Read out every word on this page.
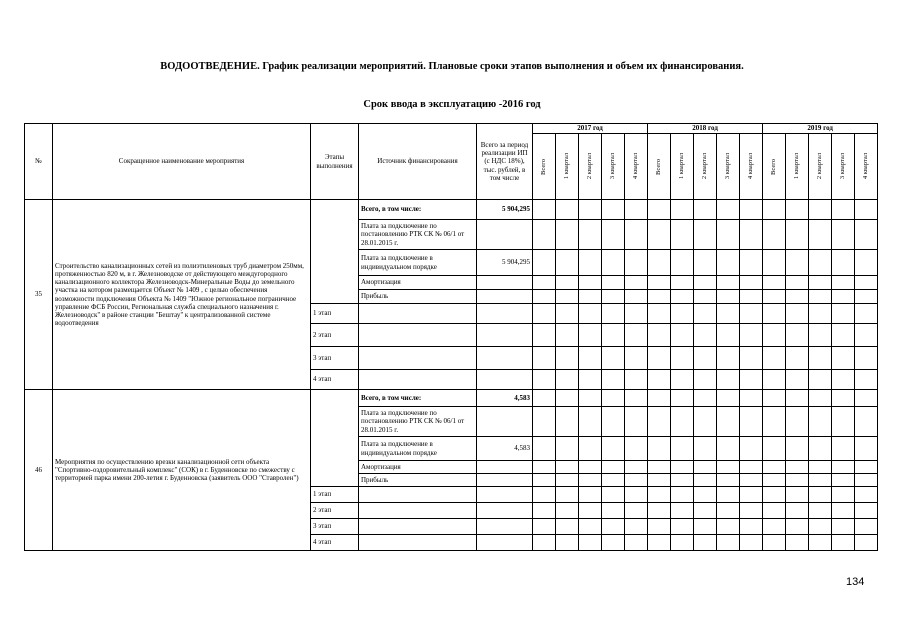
ВОДООТВЕДЕНИЕ. График реализации мероприятий. Плановые сроки этапов выполнения и объем их финансирования.
Срок ввода в эксплуатацию -2016 год
№	Сокращенное наименование мероприятия	Этапы выполнения	Источник финансирования	Всего за период реализации ИП (с НДС 18%), тыс. рублей, в том числе	2017 год					2018 год					2019 год				

					Всего	1 квартал	2 квартал	3 квартал	4 квартал	Всего	1 квартал	2 квартал	3 квартал	4 квартал	Всего	1 квартал	2 квартал	3 квартал	4 квартал

35	Строительство канализационных сетей из полиэтиленовых труб диаметром 250мм, протяженностью 820 м, в г. Железноводске от действующего междугородного канализационного коллектора Железноводск-Минеральные Воды до земельного участка на котором размещается Объект № 1409 , с целью обеспечения возможности подключения Объекта № 1409 "Южное региональное пограничное управление ФСБ России, Региональная служба специального назначения г. Железноводск" в районе станции "Бештау" к централизованной системе водоотведения		Всего, в том числе:	5 904,295															
			Плата за подключение по постановлению РТК СК № 06/1 от 28.01.2015 г.																
			Плата за подключение в индивидуальном порядке	5 904,295															
			Амортизация																
			Прибыль																
		1 этап																	
		2 этап																	
		3 этап																	
		4 этап																	
46	Мероприятия по осуществлению врезки канализационной сети объекта "Спортивно-оздоровительный комплекс" (СОК) в г. Буденновске по смежеству с территорией парка имени 200-летия г. Буденновска (заявитель ООО "Ставролен")		Всего, в том числе:	4,583															
			Плата за подключение по постановлению РТК СК № 06/1 от 28.01.2015 г.																
			Плата за подключение в индивидуальном порядке	4,583															
			Амортизация																
			Прибыль																
		1 этап																	
		2 этап																	
		3 этап																	
		4 этап																	
134
